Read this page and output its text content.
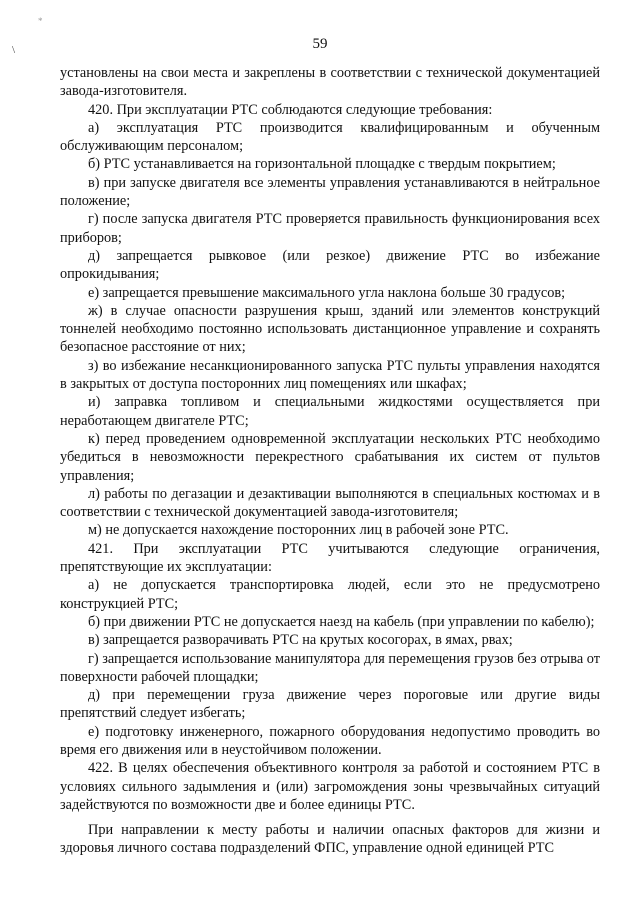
*
\	59

установлены на свои места и закреплены в соответствии с технической документацией завода-изготовителя.

420. При эксплуатации РТС соблюдаются следующие требования:

а) эксплуатация РТС производится квалифицированным и обученным обслуживающим персоналом;

б) РТС устанавливается на горизонтальной площадке с твердым покрытием;

в) при запуске двигателя все элементы управления устанавливаются в нейтральное положение;

г) после запуска двигателя РТС проверяется правильность функционирования всех приборов;

д) запрещается рывковое (или резкое) движение РТС во избежание опрокидывания;

е) запрещается превышение максимального угла наклона больше 30 градусов;

ж) в случае опасности разрушения крыш, зданий или элементов конструкций тоннелей необходимо постоянно использовать дистанционное управление и сохранять безопасное расстояние от них;

з) во избежание несанкционированного запуска РТС пульты управления находятся в закрытых от доступа посторонних лиц помещениях или шкафах;

и) заправка топливом и специальными жидкостями осуществляется при неработающем двигателе РТС;

к) перед проведением одновременной эксплуатации нескольких РТС необходимо убедиться в невозможности перекрестного срабатывания их систем от пультов управления;

л) работы по дегазации и дезактивации выполняются в специальных костюмах и в соответствии с технической документацией завода-изготовителя;

м) не допускается нахождение посторонних лиц в рабочей зоне РТС.

421. При эксплуатации РТС учитываются следующие ограничения, препятствующие их эксплуатации:

а) не допускается транспортировка людей, если это не предусмотрено конструкцией РТС;

б) при движении РТС не допускается наезд на кабель (при управлении по кабелю);

в) запрещается разворачивать РТС на крутых косогорах, в ямах, рвах;

г) запрещается использование манипулятора для перемещения грузов без отрыва от поверхности рабочей площадки;

д) при перемещении груза движение через пороговые или другие виды препятствий следует избегать;

е) подготовку инженерного, пожарного оборудования недопустимо проводить во время его движения или в неустойчивом положении.

422. В целях обеспечения объективного контроля за работой и состоянием РТС в условиях сильного задымления и (или) загромождения зоны чрезвычайных ситуаций задействуются по возможности две и более единицы РТС.

При направлении к месту работы и наличии опасных факторов для жизни и здоровья личного состава подразделений ФПС, управление одной единицей РТС
